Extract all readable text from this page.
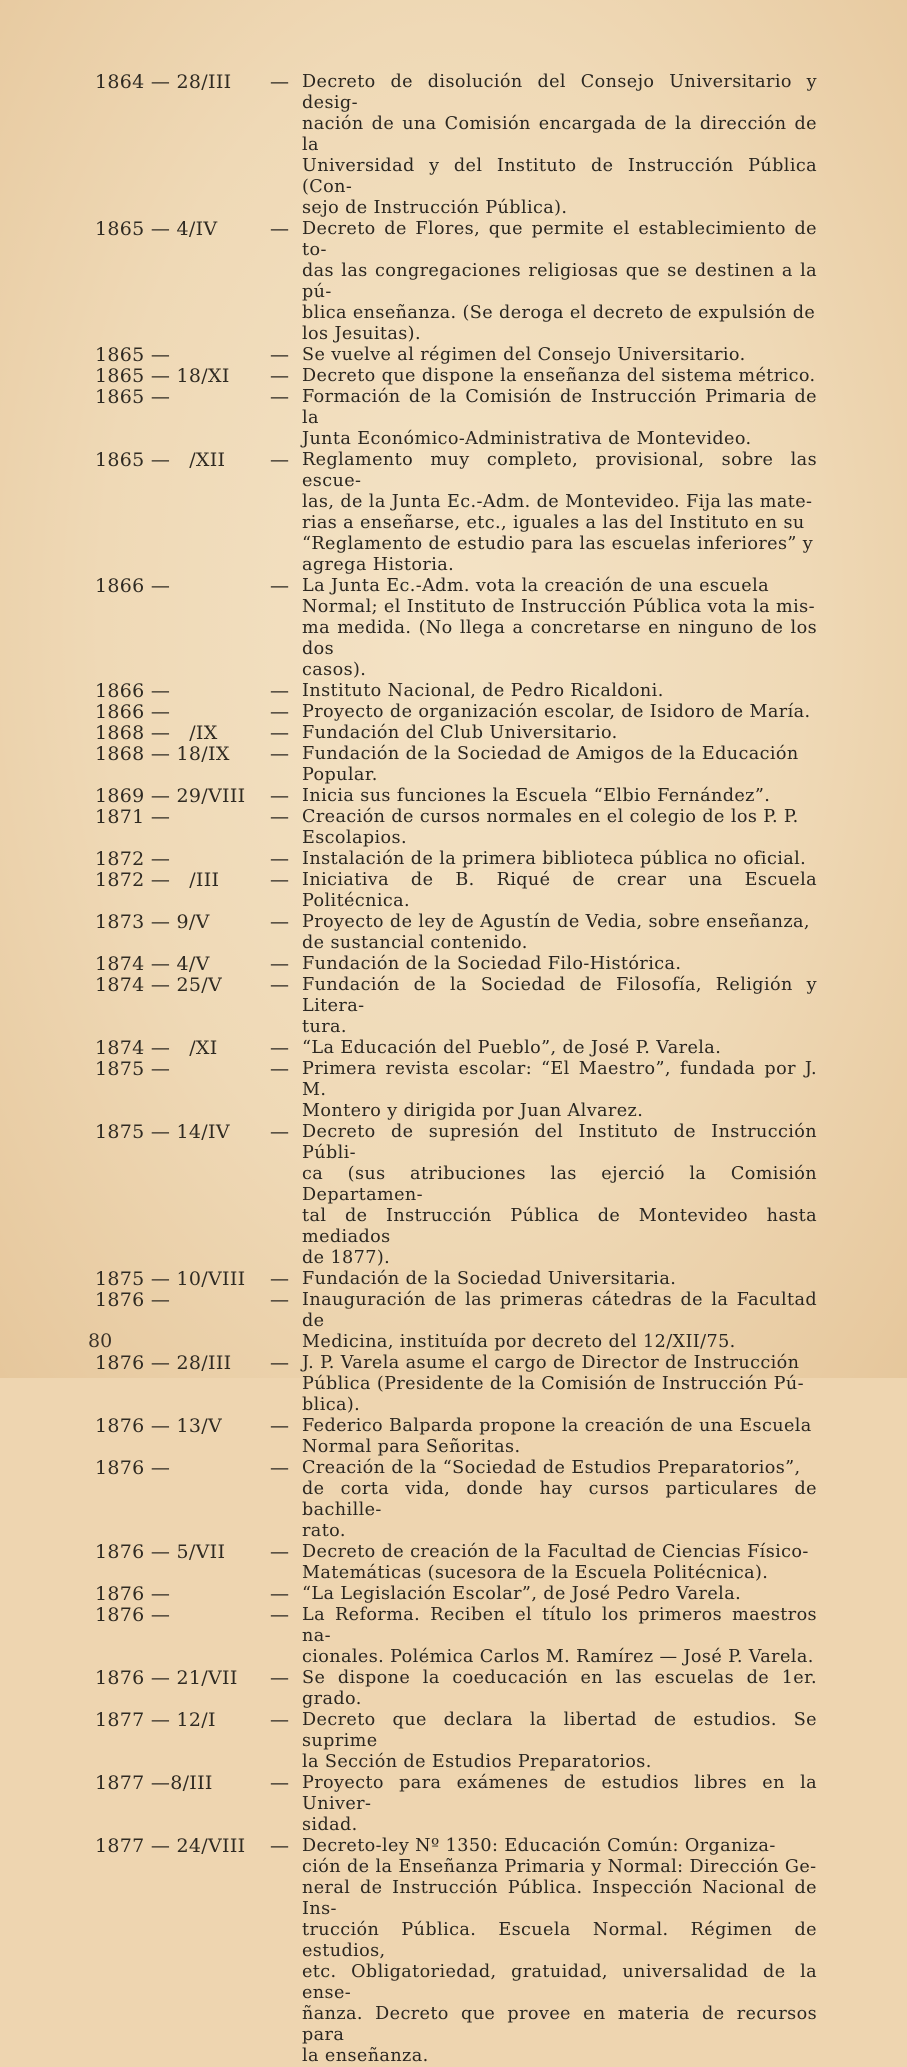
1864 — 28/III — Decreto de disolución del Consejo Universitario y desig-
nación de una Comisión encargada de la dirección de la
Universidad y del Instituto de Instrucción Pública (Con-
sejo de Instrucción Pública).
1865 — 4/IV	— Decreto de Flores, que permite el establecimiento de to-
das las congregaciones religiosas que se destinen a la pú-
blica enseñanza. (Se deroga el decreto de expulsión de
los Jesuitas).
1865 —	— Se vuelve al régimen del Consejo Universitario.
1865 — 18/XI — Decreto que dispone la enseñanza del sistema métrico.
1865 —	— Formación de la Comisión de Instrucción Primaria de la
Junta Económico-Administrativa de Montevideo.
1865 —   /XII — Reglamento muy completo, provisional, sobre las escue-
las, de la Junta Ec.-Adm. de Montevideo. Fija las mate-
rias a enseñarse, etc., iguales a las del Instituto en su
“Reglamento de estudio para las escuelas inferiores” y
agrega Historia.
1866 —	— La Junta Ec.-Adm. vota la creación de una escuela
Normal; el Instituto de Instrucción Pública vota la mis-
ma medida. (No llega a concretarse en ninguno de los dos
casos).
1866 —	— Instituto Nacional, de Pedro Ricaldoni.
1866 —	— Proyecto de organización escolar, de Isidoro de María.
1868 —   /IX	— Fundación del Club Universitario.
1868 — 18/IX — Fundación de la Sociedad de Amigos de la Educación
Popular.
1869 — 29/VIII — Inicia sus funciones la Escuela “Elbio Fernández”.
1871 —	— Creación de cursos normales en el colegio de los P. P.
Escolapios.
1872 —	— Instalación de la primera biblioteca pública no oficial.
1872 —   /III	— Iniciativa de B. Riqué de crear una Escuela Politécnica.
1873 — 9/V	— Proyecto de ley de Agustín de Vedia, sobre enseñanza,
de sustancial contenido.
1874 — 4/V	— Fundación de la Sociedad Filo-Histórica.
1874 — 25/V	— Fundación de la Sociedad de Filosofía, Religión y Litera-
tura.
1874 —   /XI	— “La Educación del Pueblo”, de José P. Varela.
1875 —	— Primera revista escolar: “El Maestro”, fundada por J. M.
Montero y dirigida por Juan Alvarez.
1875 — 14/IV — Decreto de supresión del Instituto de Instrucción Públi-
ca (sus atribuciones las ejerció la Comisión Departamen-
tal de Instrucción Pública de Montevideo hasta mediados
de 1877).
1875 — 10/VIII — Fundación de la Sociedad Universitaria.
1876 —	— Inauguración de las primeras cátedras de la Facultad de
Medicina, instituída por decreto del 12/XII/75.
1876 — 28/III — J. P. Varela asume el cargo de Director de Instrucción
Pública (Presidente de la Comisión de Instrucción Pú-
blica).
1876 — 13/V	— Federico Balparda propone la creación de una Escuela
Normal para Señoritas.
1876 —	— Creación de la “Sociedad de Estudios Preparatorios”,
de corta vida, donde hay cursos particulares de bachille-
rato.
1876 — 5/VII — Decreto de creación de la Facultad de Ciencias Físico-
Matemáticas (sucesora de la Escuela Politécnica).
1876 —	— “La Legislación Escolar”, de José Pedro Varela.
1876 —	— La Reforma. Reciben el título los primeros maestros na-
cionales. Polémica Carlos M. Ramírez — José P. Varela.
1876 — 21/VII — Se dispone la coeducación en las escuelas de 1er. grado.
1877 — 12/I	— Decreto que declara la libertad de estudios. Se suprime
la Sección de Estudios Preparatorios.
1877 —8/III	— Proyecto para exámenes de estudios libres en la Univer-
sidad.
1877 — 24/VIII — Decreto-ley Nº 1350: Educación Común: Organiza-
ción de la Enseñanza Primaria y Normal: Dirección Ge-
neral de Instrucción Pública. Inspección Nacional de Ins-
trucción Pública. Escuela Normal. Régimen de estudios,
etc. Obligatoriedad, gratuidad, universalidad de la ense-
ñanza. Decreto que provee en materia de recursos para
la enseñanza.
80
